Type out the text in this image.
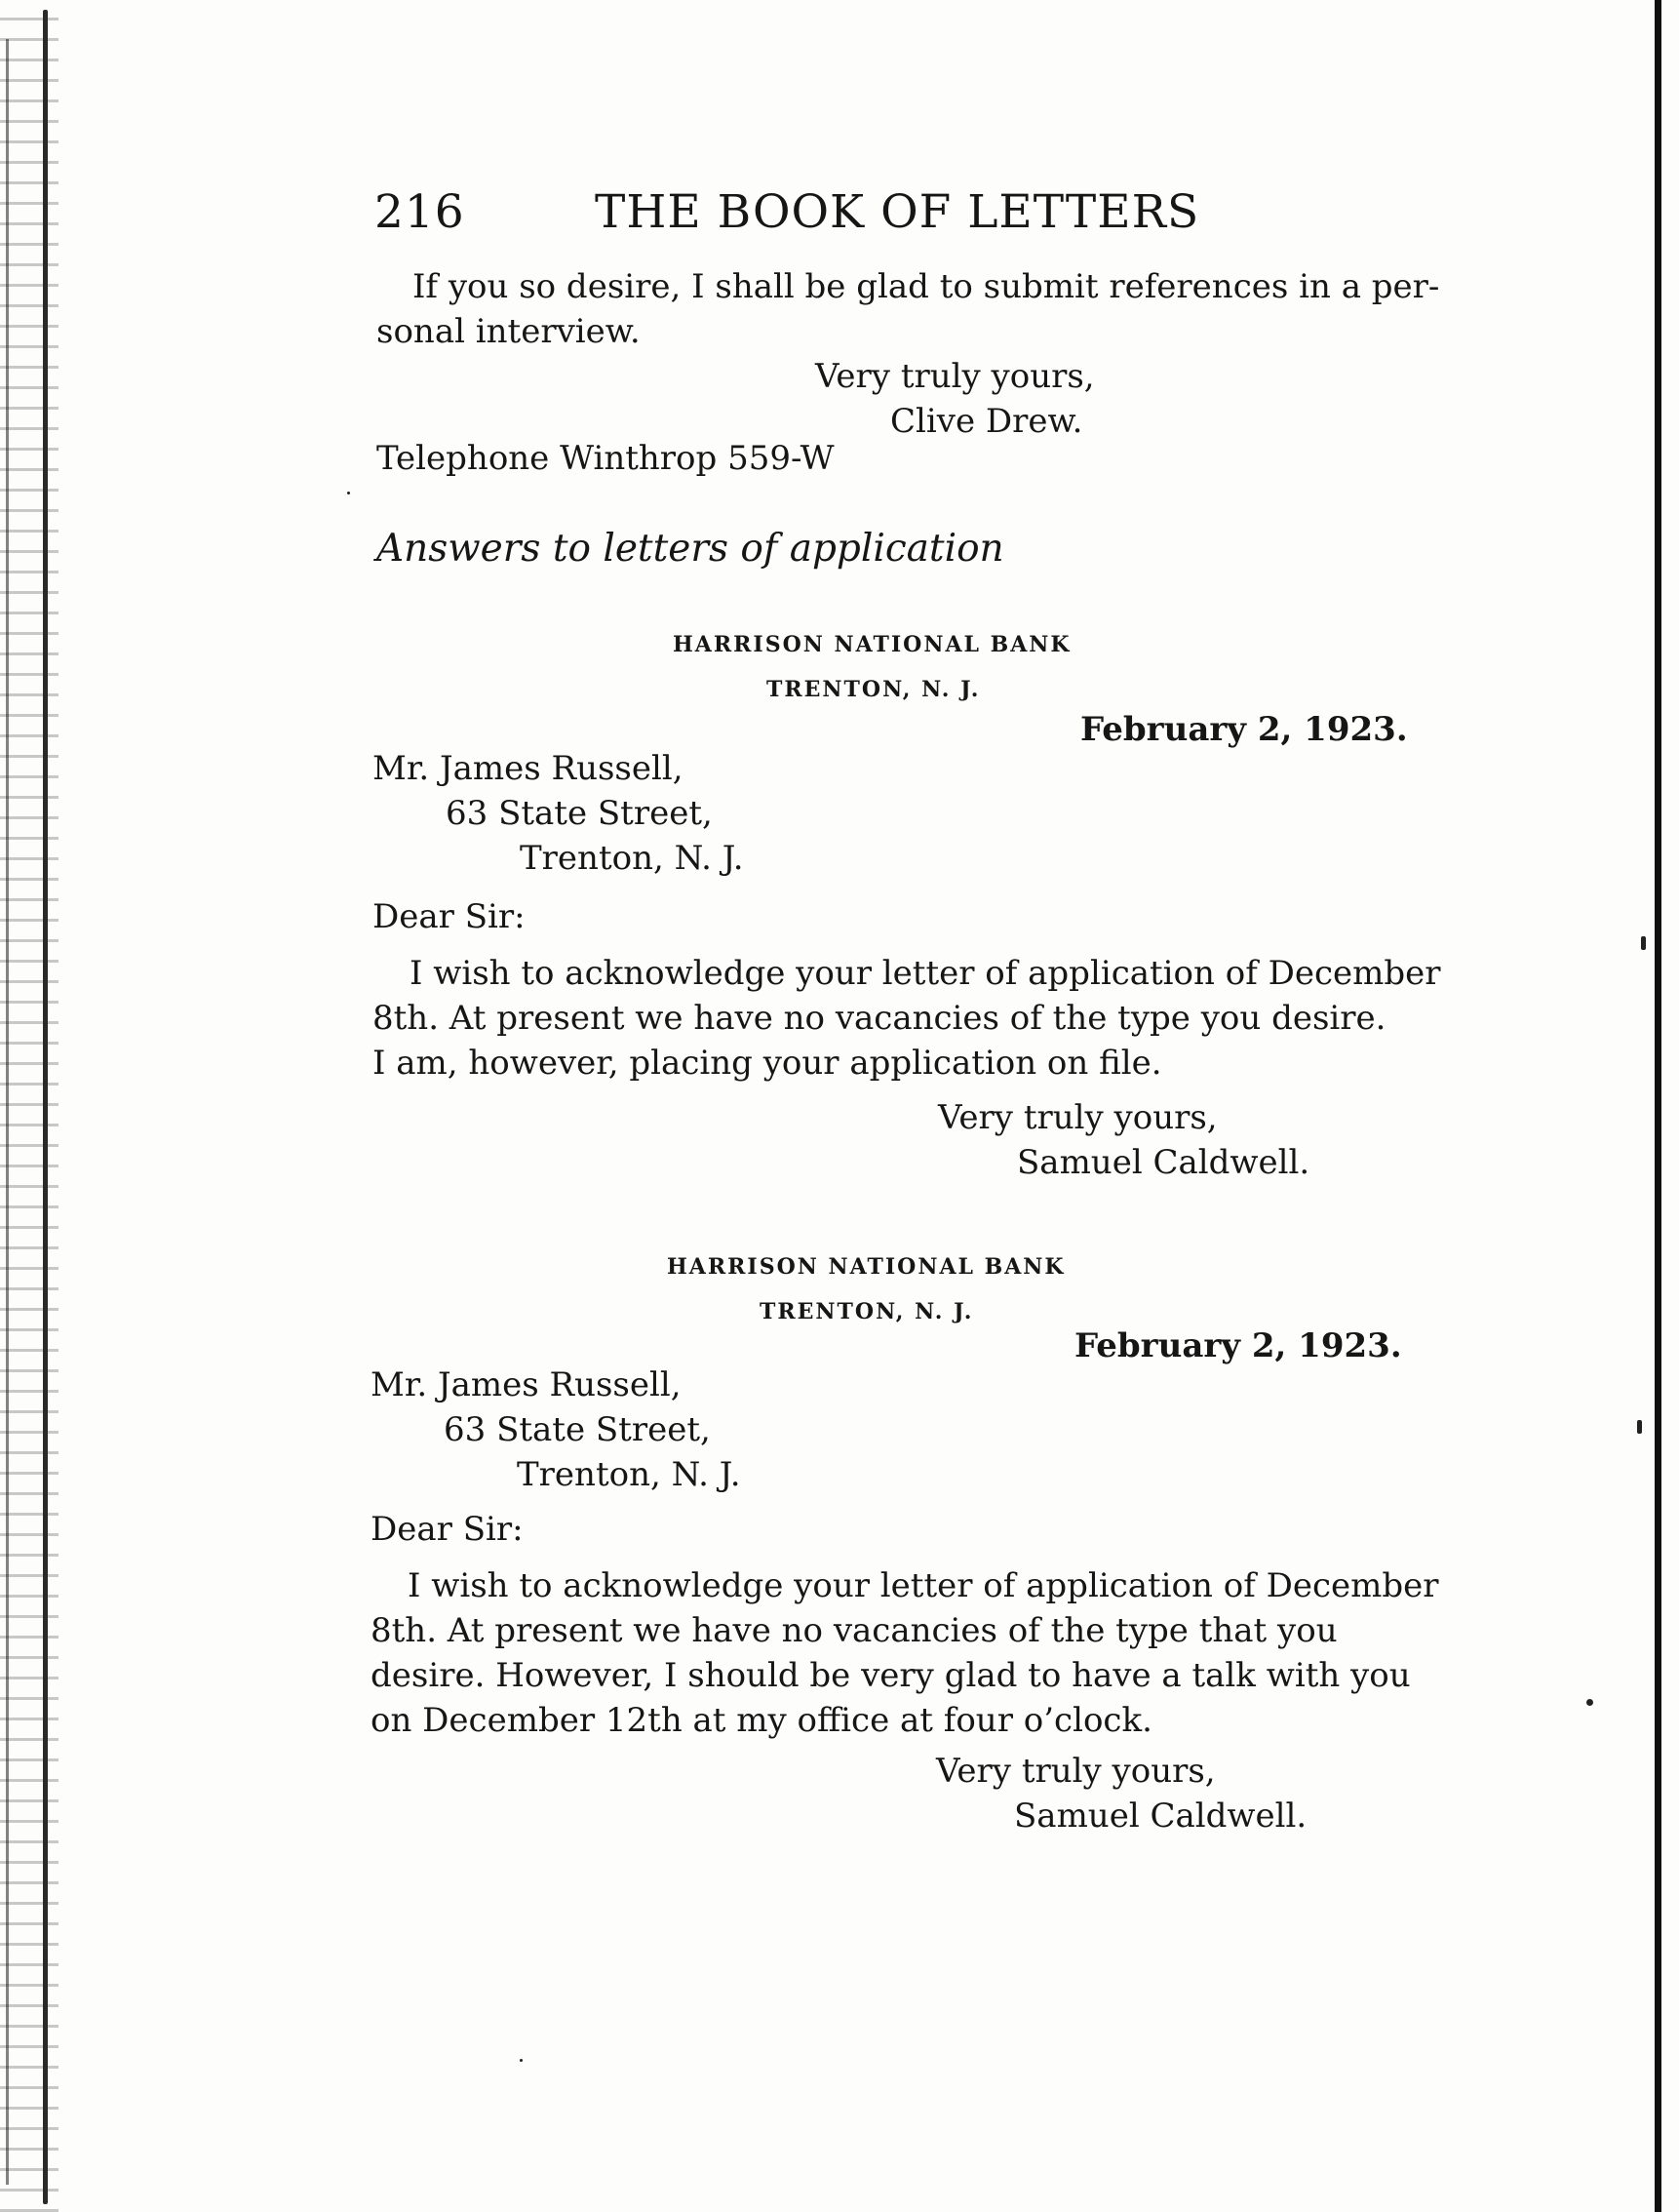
216	THE BOOK OF LETTERS
If you so desire, I shall be glad to submit references in a per-
sonal interview.
Very truly yours,
Clive Drew.
Telephone Winthrop 559-W
Answers to letters of application
HARRISON NATIONAL BANK
TRENTON, N. J.
February 2, 1923.
Mr. James Russell,
63 State Street,
Trenton, N. J.
Dear Sir:
I wish to acknowledge your letter of application of December
8th. At present we have no vacancies of the type you desire.
I am, however, placing your application on file.
Very truly yours,
Samuel Caldwell.
HARRISON NATIONAL BANK
TRENTON, N. J.
February 2, 1923.
Mr. James Russell,
63 State Street,
Trenton, N. J.
Dear Sir:
I wish to acknowledge your letter of application of December
8th. At present we have no vacancies of the type that you
desire. However, I should be very glad to have a talk with you
on December 12th at my office at four o’clock.
Very truly yours,
Samuel Caldwell.
